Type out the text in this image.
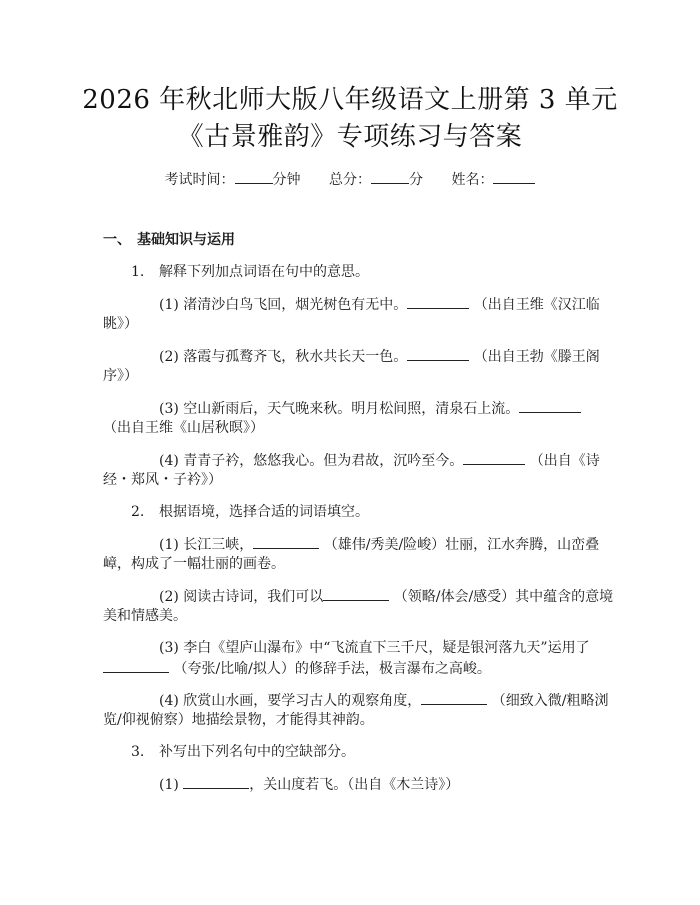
2026 年秋北师大版八年级语文上册第 3 单元
《古景雅韵》专项练习与答案
考试时间：	分钟 总分：	分 姓名：
一、 基础知识与运用
1. 解释下列加点词语在句中的意思。
(1) 渚清沙白鸟飞回，烟光树色有无中。	（出自王维《汉江临
眺》）
(2) 落霞与孤鹜齐飞，秋水共长天一色。	（出自王勃《滕王阁
序》）
(3) 空山新雨后，天气晚来秋。明月松间照，清泉石上流。
（出自王维《山居秋暝》）
(4) 青青子衿，悠悠我心。但为君故，沉吟至今。	（出自《诗
经・郑风・子衿》）
2. 根据语境，选择合适的词语填空。
(1) 长江三峡，	（雄伟/秀美/险峻）壮丽，江水奔腾，山峦叠
嶂，构成了一幅壮丽的画卷。
(2) 阅读古诗词，我们可以	（领略/体会/感受）其中蕴含的意境
美和情感美。
(3) 李白《望庐山瀑布》中“飞流直下三千尺，疑是银河落九天”运用了
（夸张/比喻/拟人）的修辞手法，极言瀑布之高峻。
(4) 欣赏山水画，要学习古人的观察角度，	（细致入微/粗略浏
览/仰视俯察）地描绘景物，才能得其神韵。
3. 补写出下列名句中的空缺部分。
(1)	，关山度若飞。（出自《木兰诗》）
